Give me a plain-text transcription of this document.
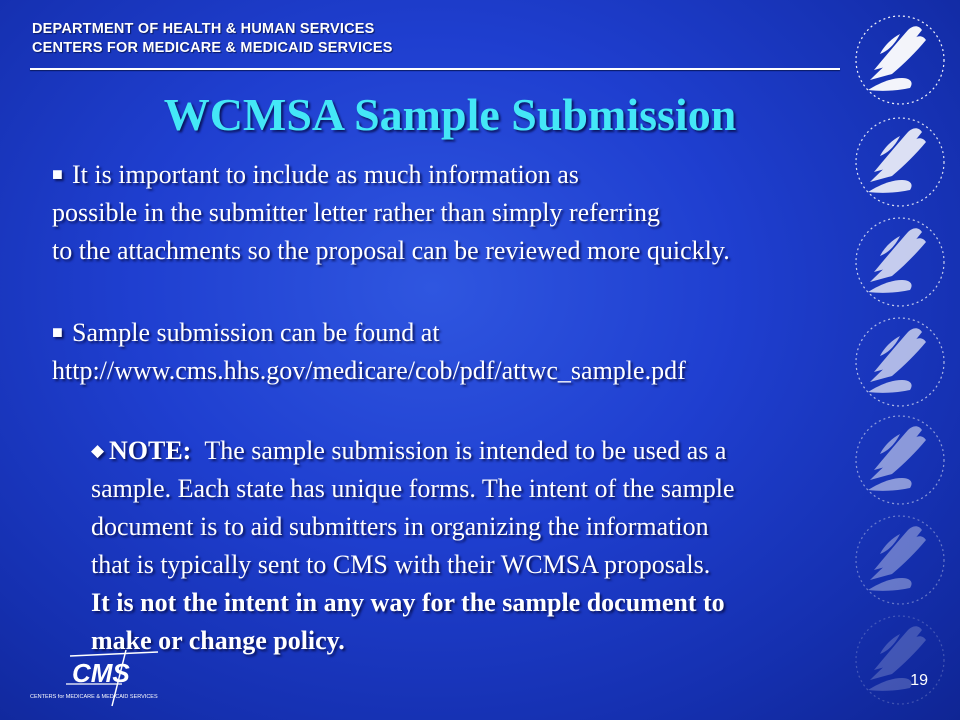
DEPARTMENT OF HEALTH & HUMAN SERVICES
CENTERS FOR MEDICARE & MEDICAID SERVICES
WCMSA Sample Submission
■ It is important to include as much information as
possible in the submitter letter rather than simply referring
to the attachments so the proposal can be reviewed more quickly.
■ Sample submission can be found at
http://www.cms.hhs.gov/medicare/cob/pdf/attwc_sample.pdf
◆ NOTE: The sample submission is intended to be used as a
sample. Each state has unique forms. The intent of the sample
document is to aid submitters in organizing the information
that is typically sent to CMS with their WCMSA proposals.
It is not the intent in any way for the sample document to
make or change policy.
CMS
CENTERS for MEDICARE & MEDICAID SERVICES
19
